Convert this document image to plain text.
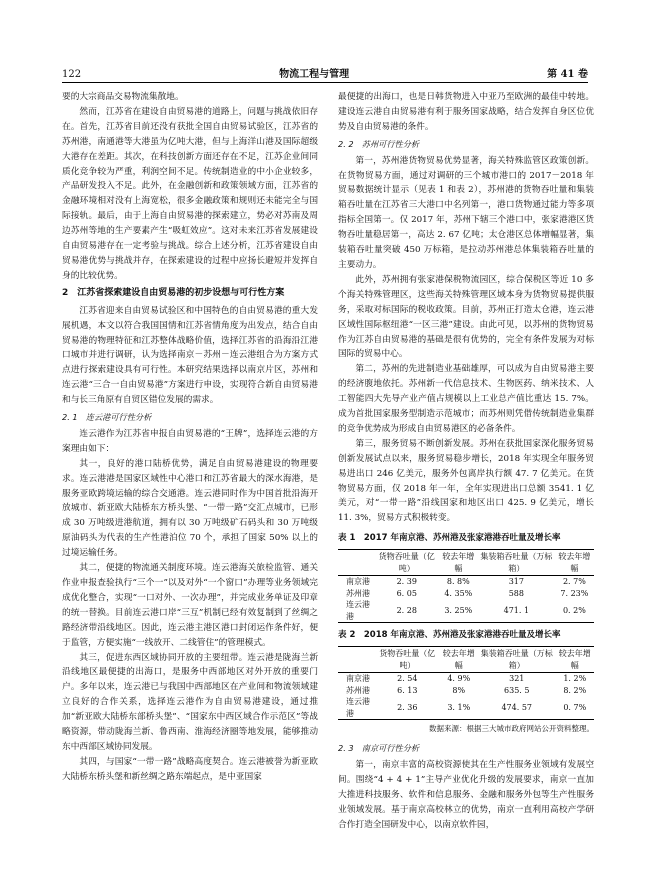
122	物流工程与管理	第 41 卷

要的大宗商品交易物流集散地。

然而，江苏省在建设自由贸易港的道路上，问题与挑战依旧存在。首先，江苏省目前还没有获批全国自由贸易试验区，江苏省的苏州港，南通港等大港虽为亿吨大港，但与上海洋山港及国际超级大港存在差距。其次，在科技创新方面还存在不足，江苏企业间同质化竞争较为严重，利润空间不足。传统制造业的中小企业较多，产品研发投入不足。此外，在金融创新和政策领域方面，江苏省的金融环境相对没有上海宽松，很多金融政策和规则还未能完全与国际接轨。最后，由于上海自由贸易港的探索建立，势必对苏南及周边苏州等地的生产要素产生“吸虹效应”。这对未来江苏省发展建设自由贸易港存在一定考验与挑战。综合上述分析，江苏省建设自由贸易港优势与挑战并存，在探索建设的过程中应扬长避短并发挥自身的比较优势。

2　江苏省探索建设自由贸易港的初步设想与可行性方案

江苏省迎来自由贸易试验区和中国特色的自由贸易港的重大发展机遇，本文以符合我国国情和江苏省情角度为出发点，结合自由贸易港的物理特征和江苏整体战略价值，选择江苏省的沿海沿江港口城市并进行调研，认为选择南京－苏州－连云港组合为方案方式点进行探索建设具有可行性。本研究结果选择以南京片区，苏州和连云港“三合一自由贸易港”方案进行申设，实现符合新自由贸易港和与长三角原有自贸区错位发展的需求。

2. 1　连云港可行性分析

连云港作为江苏省申报自由贸易港的“王牌”，选择连云港的方案理由如下：

其一，良好的港口陆桥优势，满足自由贸易港建设的物理要求。连云港港是国家区域性中心港口和江苏省最大的深水海港，是服务亚欧跨境运输的综合交通港。连云港同时作为中国首批沿海开放城市、新亚欧大陆桥东方桥头堡、“一带一路”交汇点城市，已形成 30 万吨级进港航道，拥有以 30 万吨级矿石码头和 30 万吨级原油码头为代表的生产性港泊位 70 个，承担了国家 50% 以上的过境运输任务。

其二，便捷的物流通关制度环境。连云港海关旅检监管、通关作业申报查验执行“三个一”以及对外“一个窗口”办理等业务领域完成优化整合，实现“一口对外、一次办理”，并完成业务单证及印章的统一替换。目前连云港口岸“三互”机制已经有效复制到了丝绸之路经济带沿线地区。因此，连云港主港区港口封闭运作条件好，便于监管，方便实施“一线放开、二线管住”的管理模式。

其三，促进东西区域协同开放的主要纽带。连云港是陇海兰新沿线地区最便捷的出海口，是服务中西部地区对外开放的重要门户。多年以来，连云港已与我国中西部地区在产业间和物流领域建立良好的合作关系，选择连云港作为自由贸易港建设，通过推加“新亚欧大陆桥东部桥头堡”、“国家东中西区域合作示范区”等战略资源，带动陇海兰新、鲁西南、淮海经济圈等地发展，能够推动东中西部区域协同发展。

其四，与国家“一带一路”战略高度契合。连云港被誉为新亚欧大陆桥东桥头堡和新丝绸之路东端起点，是中亚国家

最便捷的出海口，也是日韩货物进入中亚乃至欧洲的最佳中转地。建设连云港自由贸易港有利于服务国家战略，结合发挥自身区位优势及自由贸易港的条件。

2. 2　苏州可行性分析

第一，苏州港货物贸易优势显著，海关特殊监管区政策创新。在货物贸易方面，通过对调研的三个城市港口的 2017－2018 年贸易数据统计显示（见表 1 和表 2），苏州港的货物吞吐量和集装箱吞吐量在江苏省三大港口中名列第一，港口货物通过能力等多项指标全国第一。仅 2017 年，苏州下辖三个港口中，张家港港区货物吞吐量稳居第一，高达 2. 67 亿吨；太仓港区总体增幅显著，集装箱吞吐量突破 450 万标箱，是拉动苏州港总体集装箱吞吐量的主要动力。

此外，苏州拥有张家港保税物流园区，综合保税区等近 10 多个海关特殊管理区，这些海关特殊管理区域本身为货物贸易提供服务，采取对标国际的税收政策。目前，苏州正打造太仓港，连云港区域性国际枢纽港“一区三港”建设。由此可见，以苏州的货物贸易作为江苏自由贸易港的基础是很有优势的，完全有条件发展为对标国际的贸易中心。

第二，苏州的先进制造业基础雄厚，可以成为自由贸易港主要的经济腹地依托。苏州新一代信息技术、生物医药、纳米技术、人工智能四大先导产业产值占规模以上工业总产值比重达 15. 7%。成为首批国家服务型制造示范城市；而苏州则凭借传统制造业集群的竞争优势成为形成自由贸易港区的必备条件。

第三，服务贸易不断创新发展。苏州在获批国家深化服务贸易创新发展试点以来，服务贸易稳步增长，2018 年实现全年服务贸易进出口 246 亿美元，服务外包离岸执行额 47. 7 亿美元。在货物贸易方面，仅 2018 年一年，全年实现进出口总额 3541. 1 亿美元，对“一带一路”沿线国家和地区出口 425. 9 亿美元，增长 11. 3%，贸易方式积极转变。

表 1　2017 年南京港、苏州港及张家港港吞吐量及增长率
	货物吞吐量（亿吨）	较去年增幅	集装箱吞吐量（万标箱）	较去年增幅
南京港	2. 39	8. 8%	317	2. 7%
苏州港	6. 05	4. 35%	588	7. 23%
连云港港	2. 28	3. 25%	471. 1	0. 2%
表 2　2018 年南京港、苏州港及张家港港吞吐量及增长率
	货物吞吐量（亿吨）	较去年增幅	集装箱吞吐量（万标箱）	较去年增幅
南京港	2. 54	4. 9%	321	1. 2%
苏州港	6. 13	8%	635. 5	8. 2%
连云港港	2. 36	3. 1%	474. 57	0. 7%
数据来源：根据三大城市政府网站公开资料整理。
2. 3　南京可行性分析

第一，南京丰富的高校资源使其在生产性服务业领域有发展空间。围绕“4 + 4 + 1”主导产业优化升级的发展要求，南京一直加大推进科技服务、软件和信息服务、金融和服务外包等生产性服务业领域发展。基于南京高校林立的优势，南京一直利用高校产学研合作打造全国研发中心，以南京软件园，
